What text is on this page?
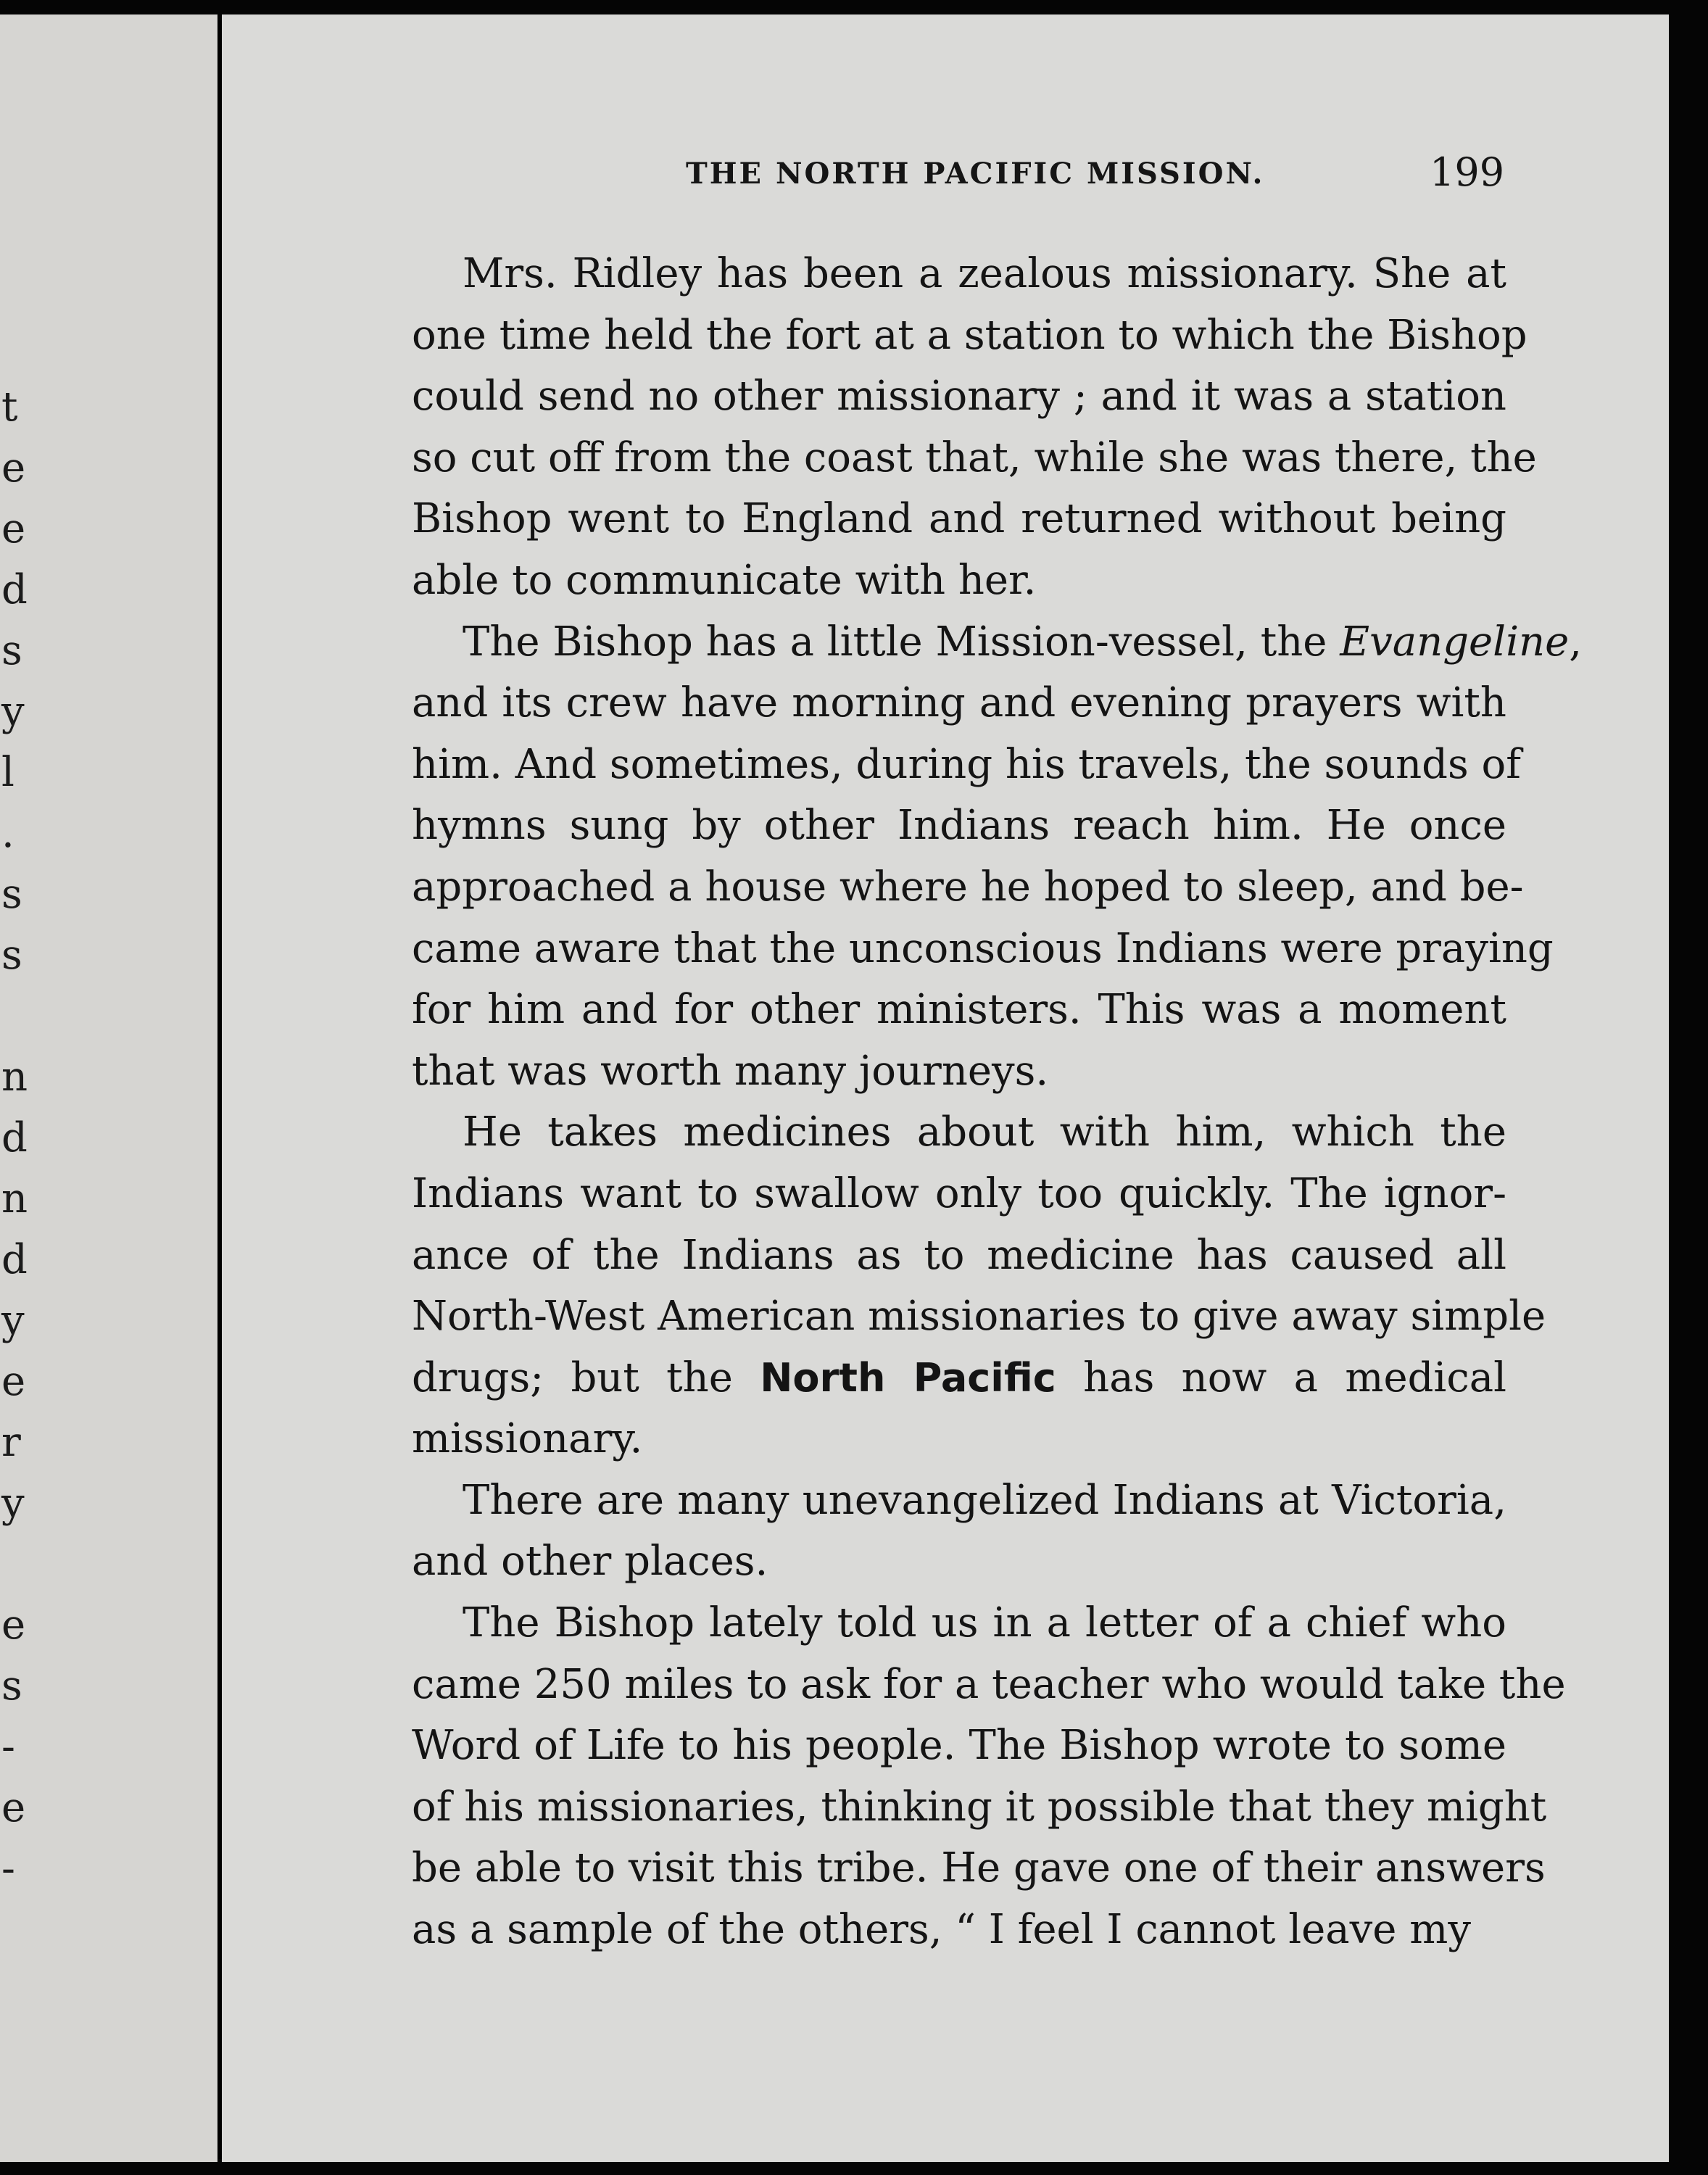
t
e
e
d
s
y
l
.
s
s
n
d
n
d
y
e
r
y
e
s
-
e
-
THE NORTH PACIFIC MISSION.	199
Mrs. Ridley has been a zealous missionary. She at
one time held the fort at a station to which the Bishop
could send no other missionary ; and it was a station
so cut off from the coast that, while she was there, the
Bishop went to England and returned without being
able to communicate with her.
The Bishop has a little Mission-vessel, the Evangeline,
and its crew have morning and evening prayers with
him. And sometimes, during his travels, the sounds of
hymns sung by other Indians reach him. He once
approached a house where he hoped to sleep, and be-
came aware that the unconscious Indians were praying
for him and for other ministers. This was a moment
that was worth many journeys.
He takes medicines about with him, which the
Indians want to swallow only too quickly. The ignor-
ance of the Indians as to medicine has caused all
North-West American missionaries to give away simple
drugs; but the North Pacific has now a medical
missionary.
There are many unevangelized Indians at Victoria,
and other places.
The Bishop lately told us in a letter of a chief who
came 250 miles to ask for a teacher who would take the
Word of Life to his people. The Bishop wrote to some
of his missionaries, thinking it possible that they might
be able to visit this tribe. He gave one of their answers
as a sample of the others, “ I feel I cannot leave my
